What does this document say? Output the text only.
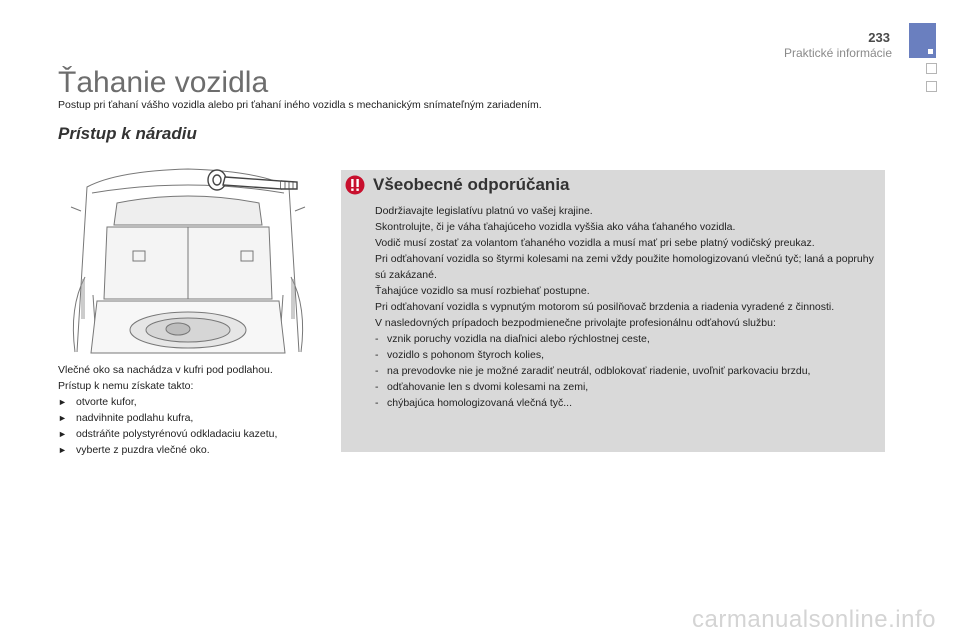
233
Praktické informácie
Ťahanie vozidla
Postup pri ťahaní vášho vozidla alebo pri ťahaní iného vozidla s mechanickým snímateľným zariadením.
Prístup k náradiu
Vlečné oko sa nachádza v kufri pod podlahou.
Prístup k nemu získate takto:
► otvorte kufor,
► nadvihnite podlahu kufra,
► odstráňte polystyrénovú odkladaciu kazetu,
► vyberte z puzdra vlečné oko.
Všeobecné odporúčania
Dodržiavajte legislatívu platnú vo vašej krajine.
Skontrolujte, či je váha ťahajúceho vozidla vyššia ako váha ťahaného vozidla.
Vodič musí zostať za volantom ťahaného vozidla a musí mať pri sebe platný vodičský preukaz.
Pri odťahovaní vozidla so štyrmi kolesami na zemi vždy použite homologizovanú vlečnú tyč; laná a popruhy sú zakázané.
Ťahajúce vozidlo sa musí rozbiehať postupne.
Pri odťahovaní vozidla s vypnutým motorom sú posilňovač brzdenia a riadenia vyradené z činnosti.
V nasledovných prípadoch bezpodmienečne privolajte profesionálnu odťahovú službu:
- vznik poruchy vozidla na diaľnici alebo rýchlostnej ceste,
- vozidlo s pohonom štyroch kolies,
- na prevodovke nie je možné zaradiť neutrál, odblokovať riadenie, uvoľniť parkovaciu brzdu,
- odťahovanie len s dvomi kolesami na zemi,
- chýbajúca homologizovaná vlečná tyč...
carmanualsonline.info
